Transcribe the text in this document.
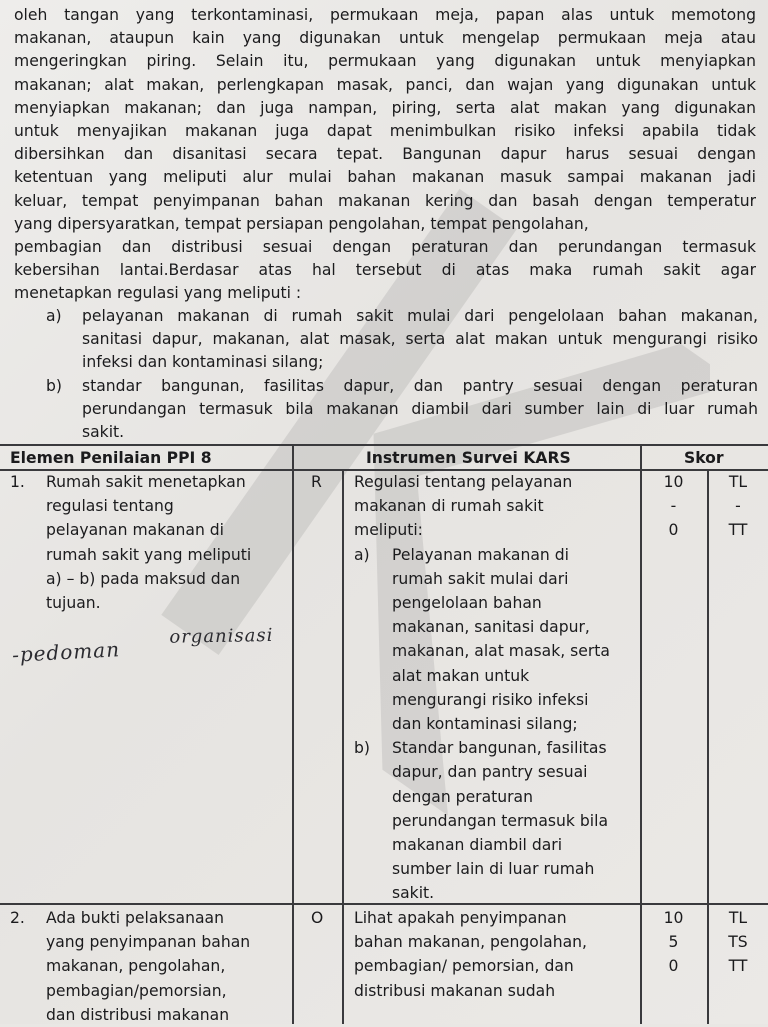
oleh tangan yang terkontaminasi, permukaan meja, papan alas untuk memotong
makanan, ataupun kain yang digunakan untuk mengelap permukaan meja atau
mengeringkan piring. Selain itu, permukaan yang digunakan untuk menyiapkan
makanan; alat makan, perlengkapan masak, panci, dan wajan yang digunakan untuk
menyiapkan makanan; dan juga nampan, piring, serta alat makan yang digunakan
untuk menyajikan makanan juga dapat menimbulkan risiko infeksi apabila tidak
dibersihkan dan disanitasi secara tepat. Bangunan dapur harus sesuai dengan
ketentuan yang meliputi alur mulai bahan makanan masuk sampai makanan jadi
keluar, tempat penyimpanan bahan makanan kering dan basah dengan temperatur
yang dipersyaratkan, tempat persiapan pengolahan, tempat pengolahan,
pembagian dan distribusi sesuai dengan peraturan dan perundangan termasuk
kebersihan lantai.Berdasar atas hal tersebut di atas maka rumah sakit agar
menetapkan regulasi yang meliputi :
a) pelayanan makanan di rumah sakit mulai dari pengelolaan bahan makanan,
sanitasi dapur, makanan, alat masak, serta alat makan untuk mengurangi risiko
infeksi dan kontaminasi silang;
b) standar bangunan, fasilitas dapur, dan pantry sesuai dengan peraturan
perundangan termasuk bila makanan diambil dari sumber lain di luar rumah
sakit.
Elemen Penilaian PPI 8	Instrumen Survei KARS	Skor
1. Rumah sakit menetapkan
regulasi tentang
pelayanan makanan di
rumah sakit yang meliputi
a) – b) pada maksud dan
tujuan.
-pedoman
organisasi
R Regulasi tentang pelayanan
makanan di rumah sakit
meliputi:
a) Pelayanan makanan di
rumah sakit mulai dari
pengelolaan bahan
makanan, sanitasi dapur,
makanan, alat masak, serta
alat makan untuk
mengurangi risiko infeksi
dan kontaminasi silang;
b) Standar bangunan, fasilitas
dapur, dan pantry sesuai
dengan peraturan
perundangan termasuk bila
makanan diambil dari
sumber lain di luar rumah
sakit.
10
-
0
TL
-
TT
2. Ada bukti pelaksanaan
yang penyimpanan bahan
makanan, pengolahan,
pembagian/pemorsian,
dan distribusi makanan
O Lihat apakah penyimpanan
bahan makanan, pengolahan,
pembagian/ pemorsian, dan
distribusi makanan sudah
10
5
0
TL
TS
TT
